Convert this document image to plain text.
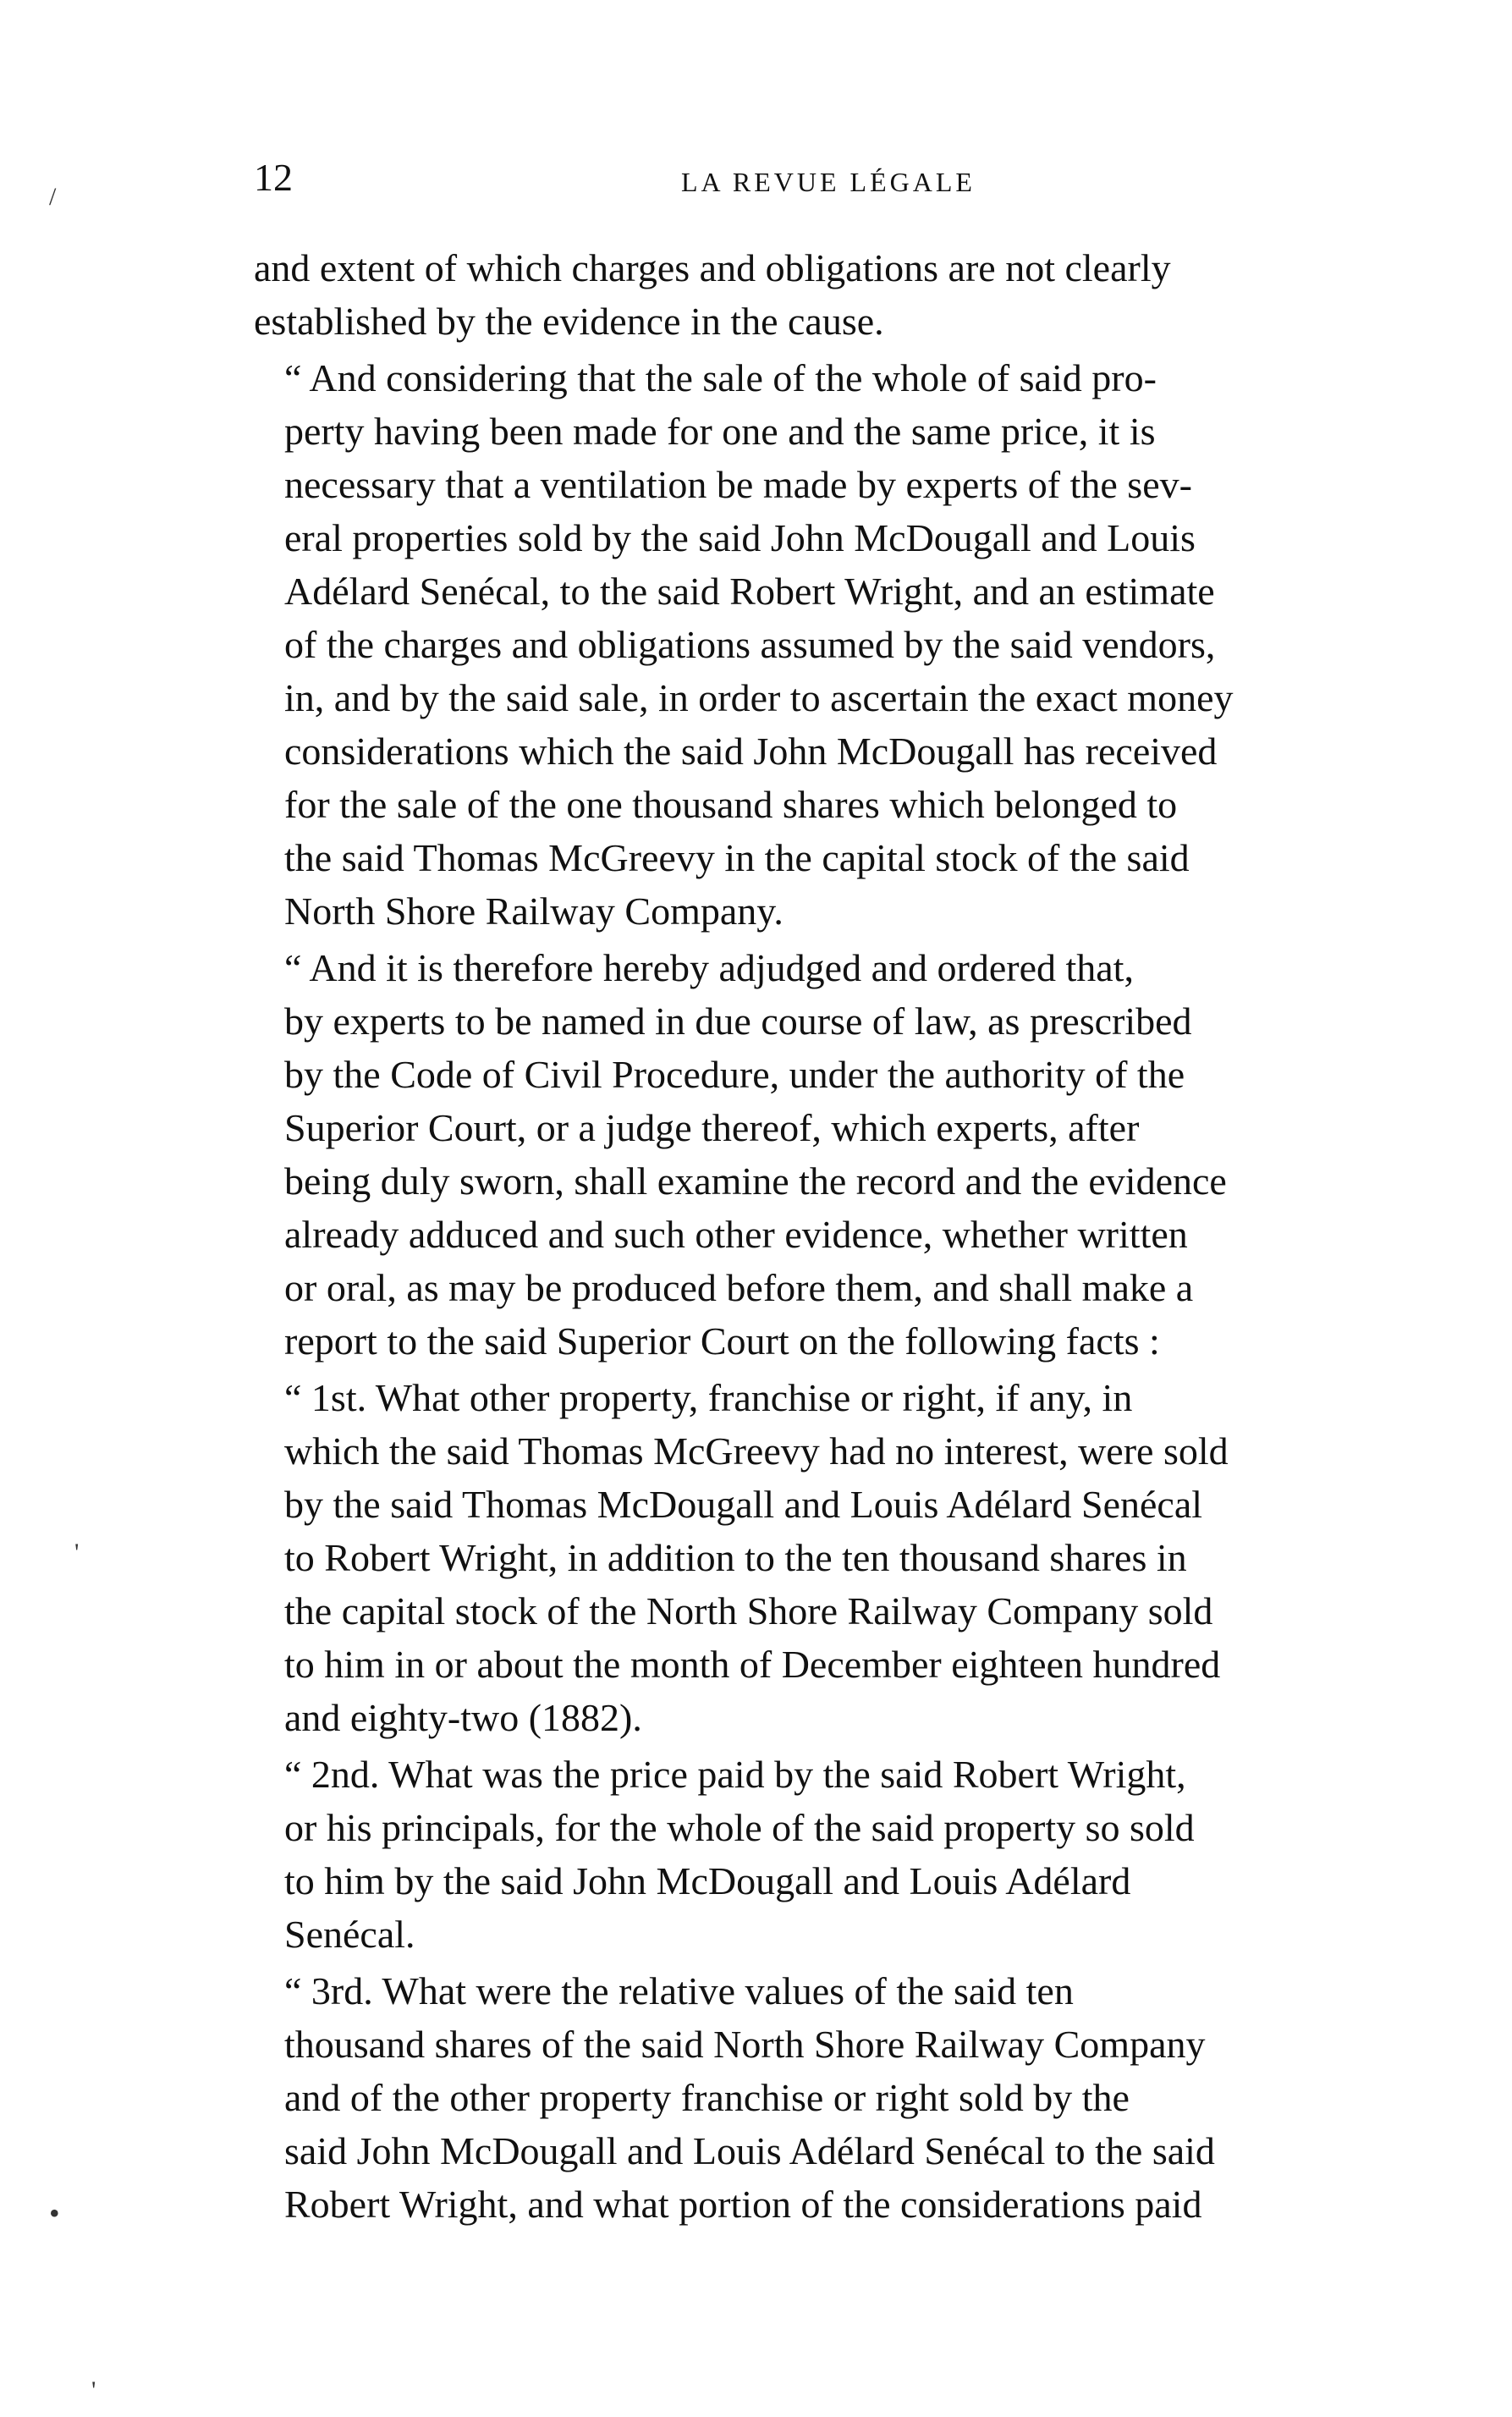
/
'
•
'
12	LA REVUE LÉGALE

and extent of which charges and obligations are not clearly
established by the evidence in the cause.

“ And considering that the sale of the whole of said pro-
perty having been made for one and the same price, it is
necessary that a ventilation be made by experts of the sev-
eral properties sold by the said John McDougall and Louis
Adélard Senécal, to the said Robert Wright, and an estimate
of the charges and obligations assumed by the said vendors,
in, and by the said sale, in order to ascertain the exact money
considerations which the said John McDougall has received
for the sale of the one thousand shares which belonged to
the said Thomas McGreevy in the capital stock of the said
North Shore Railway Company.

“ And it is therefore hereby adjudged and ordered that,
by experts to be named in due course of law, as prescribed
by the Code of Civil Procedure, under the authority of the
Superior Court, or a judge thereof, which experts, after
being duly sworn, shall examine the record and the evidence
already adduced and such other evidence, whether written
or oral, as may be produced before them, and shall make a
report to the said Superior Court on the following facts :

“ 1st. What other property, franchise or right, if any, in
which the said Thomas McGreevy had no interest, were sold
by the said Thomas McDougall and Louis Adélard Senécal
to Robert Wright, in addition to the ten thousand shares in
the capital stock of the North Shore Railway Company sold
to him in or about the month of December eighteen hundred
and eighty-two (1882).

“ 2nd. What was the price paid by the said Robert Wright,
or his principals, for the whole of the said property so sold
to him by the said John McDougall and Louis Adélard
Senécal.

“ 3rd. What were the relative values of the said ten
thousand shares of the said North Shore Railway Company
and of the other property franchise or right sold by the
said John McDougall and Louis Adélard Senécal to the said
Robert Wright, and what portion of the considerations paid
